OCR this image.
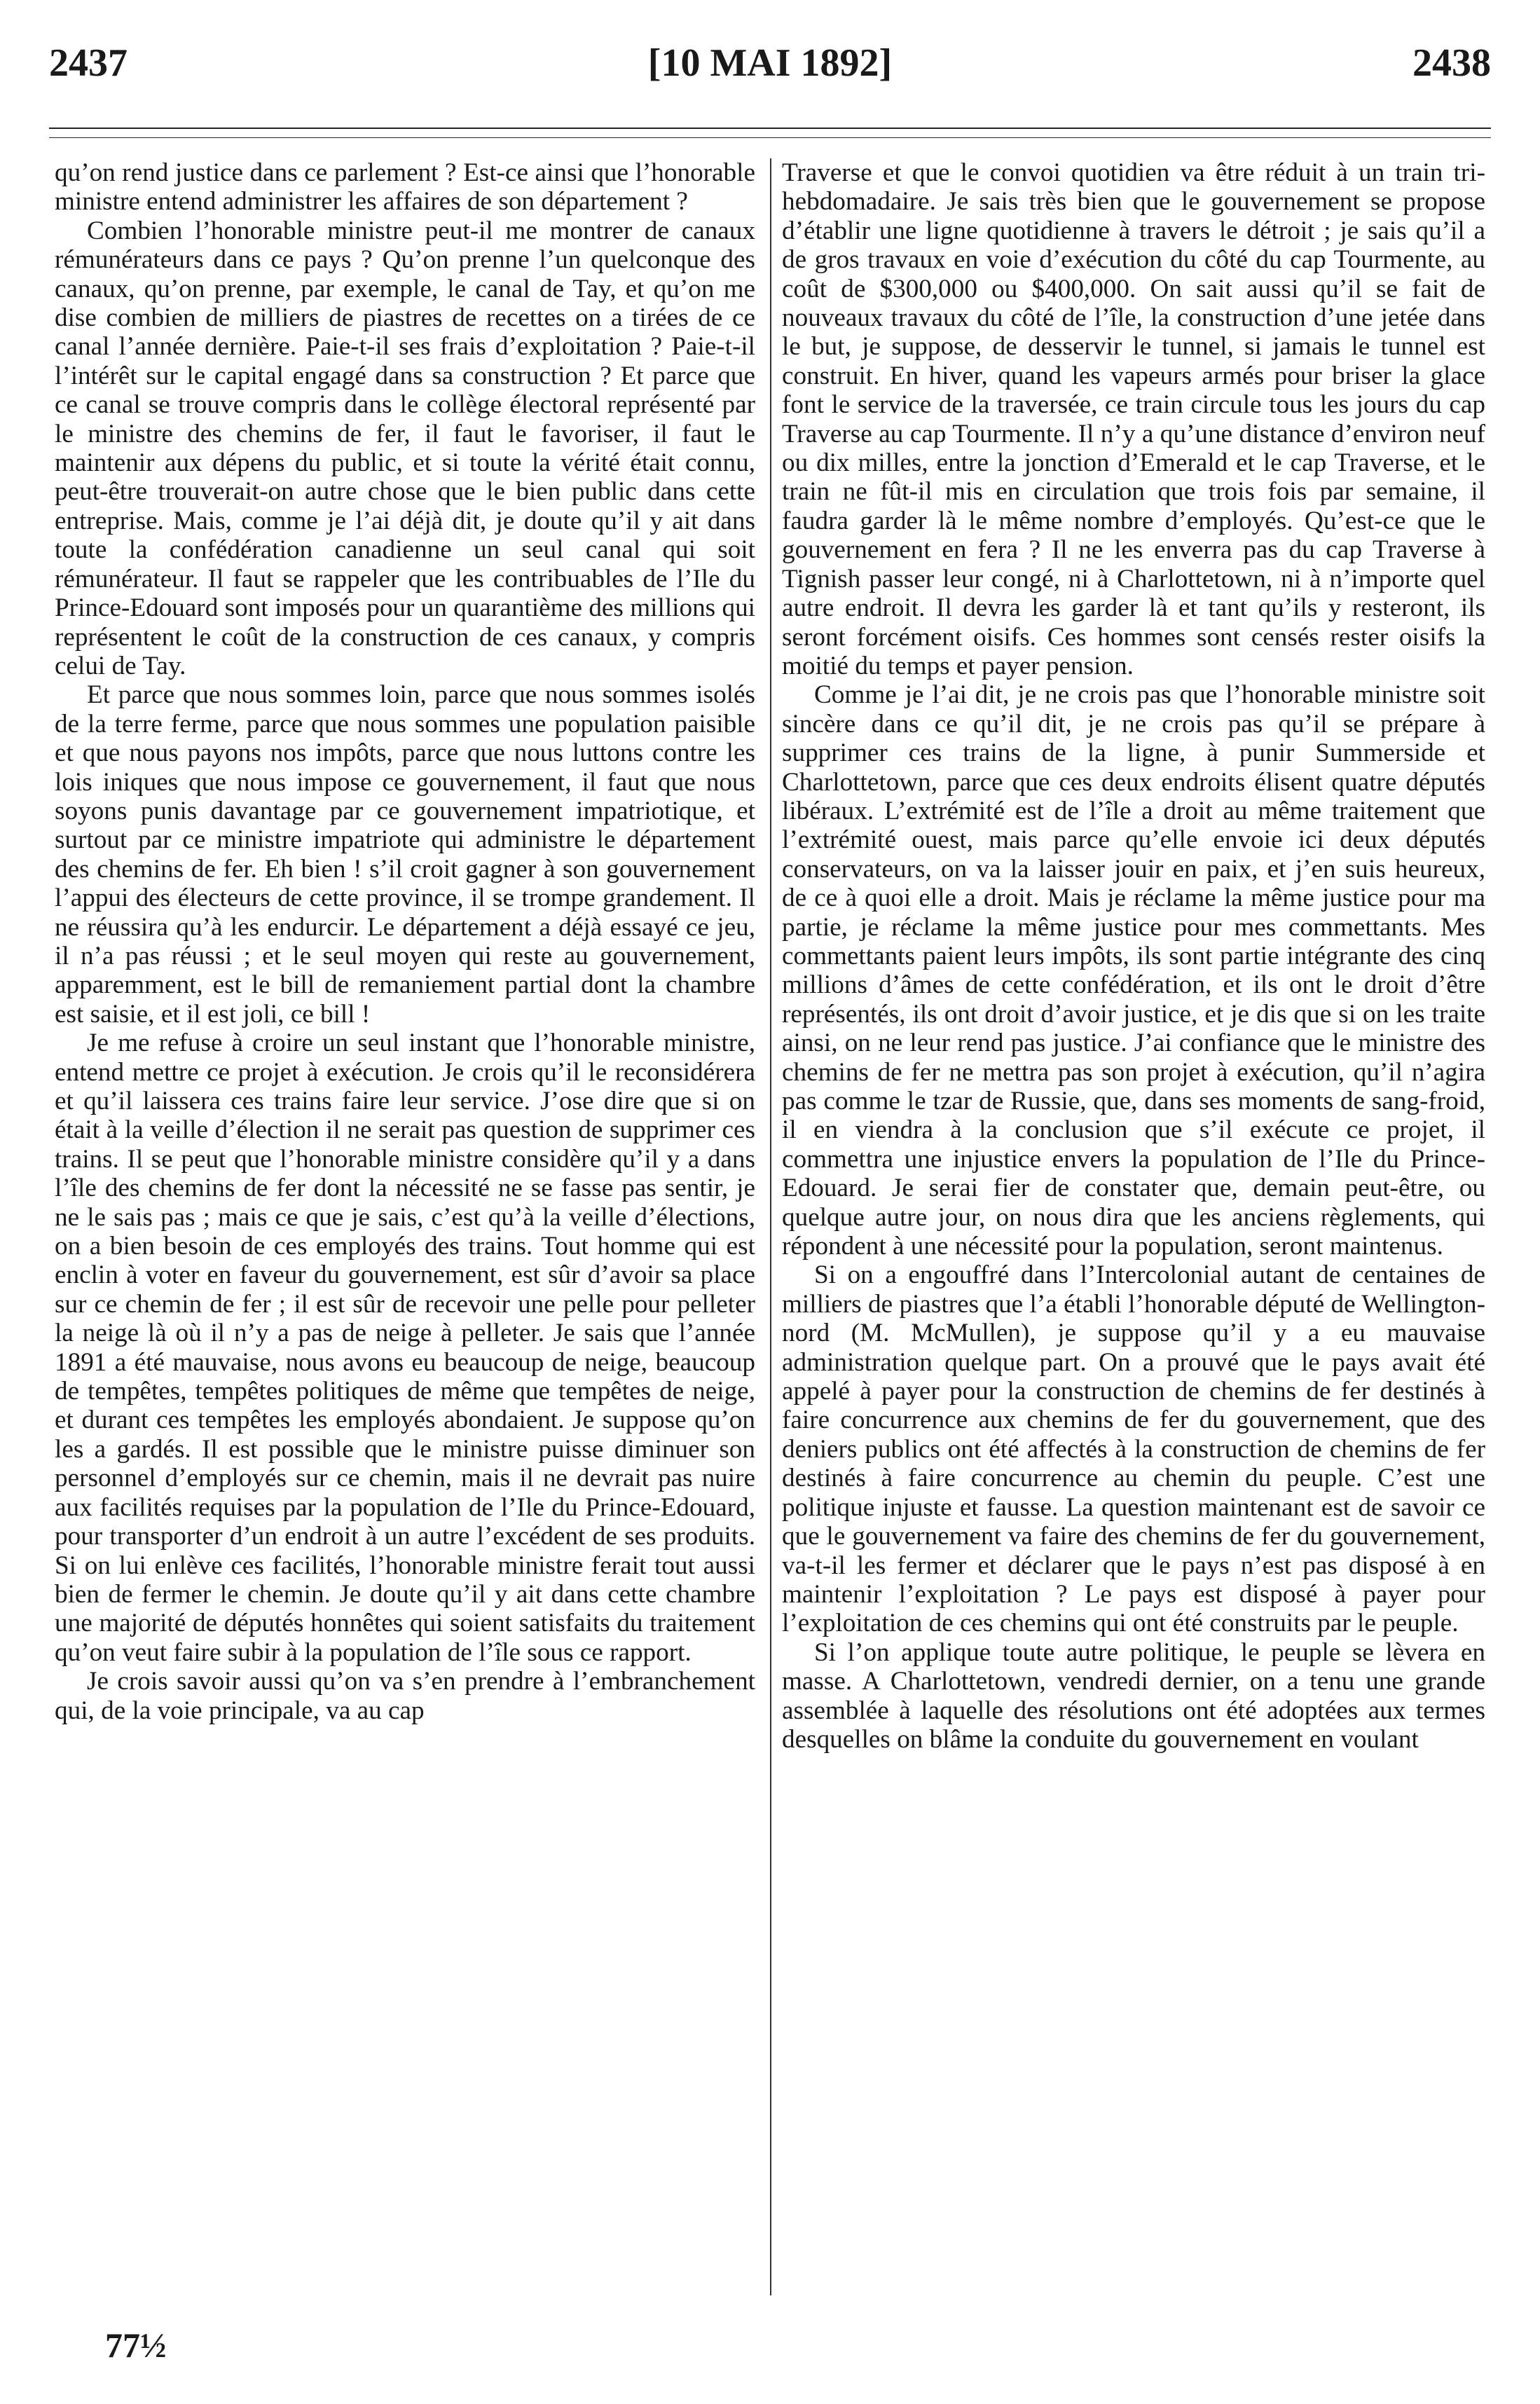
2437	[10 MAI 1892]	2438

qu’on rend justice dans ce parlement ? Est-ce ainsi que l’honorable ministre entend administrer les affaires de son département ?

Combien l’honorable ministre peut-il me montrer de canaux rémunérateurs dans ce pays ? Qu’on prenne l’un quelconque des canaux, qu’on prenne, par exemple, le canal de Tay, et qu’on me dise combien de milliers de piastres de recettes on a tirées de ce canal l’année dernière. Paie-t-il ses frais d’exploitation ? Paie-t-il l’intérêt sur le capital engagé dans sa construction ? Et parce que ce canal se trouve compris dans le collège électoral représenté par le ministre des chemins de fer, il faut le favoriser, il faut le maintenir aux dépens du public, et si toute la vérité était connu, peut-être trouverait-on autre chose que le bien public dans cette entreprise. Mais, comme je l’ai déjà dit, je doute qu’il y ait dans toute la confédération canadienne un seul canal qui soit rémunérateur. Il faut se rappeler que les contribuables de l’Ile du Prince-Edouard sont imposés pour un quarantième des millions qui représentent le coût de la construction de ces canaux, y compris celui de Tay.

Et parce que nous sommes loin, parce que nous sommes isolés de la terre ferme, parce que nous sommes une population paisible et que nous payons nos impôts, parce que nous luttons contre les lois iniques que nous impose ce gouvernement, il faut que nous soyons punis davantage par ce gouvernement impatriotique, et surtout par ce ministre impatriote qui administre le département des chemins de fer. Eh bien ! s’il croit gagner à son gouvernement l’appui des électeurs de cette province, il se trompe grandement. Il ne réussira qu’à les endurcir. Le département a déjà essayé ce jeu, il n’a pas réussi ; et le seul moyen qui reste au gouvernement, apparemment, est le bill de remaniement partial dont la chambre est saisie, et il est joli, ce bill !

Je me refuse à croire un seul instant que l’honorable ministre, entend mettre ce projet à exécution. Je crois qu’il le reconsidérera et qu’il laissera ces trains faire leur service. J’ose dire que si on était à la veille d’élection il ne serait pas question de supprimer ces trains. Il se peut que l’honorable ministre considère qu’il y a dans l’île des chemins de fer dont la nécessité ne se fasse pas sentir, je ne le sais pas ; mais ce que je sais, c’est qu’à la veille d’élections, on a bien besoin de ces employés des trains. Tout homme qui est enclin à voter en faveur du gouvernement, est sûr d’avoir sa place sur ce chemin de fer ; il est sûr de recevoir une pelle pour pelleter la neige là où il n’y a pas de neige à pelleter. Je sais que l’année 1891 a été mauvaise, nous avons eu beaucoup de neige, beaucoup de tempêtes, tempêtes politiques de même que tempêtes de neige, et durant ces tempêtes les employés abondaient. Je suppose qu’on les a gardés. Il est possible que le ministre puisse diminuer son personnel d’employés sur ce chemin, mais il ne devrait pas nuire aux facilités requises par la population de l’Ile du Prince-Edouard, pour transporter d’un endroit à un autre l’excédent de ses produits. Si on lui enlève ces facilités, l’honorable ministre ferait tout aussi bien de fermer le chemin. Je doute qu’il y ait dans cette chambre une majorité de députés honnêtes qui soient satisfaits du traitement qu’on veut faire subir à la population de l’île sous ce rapport.

Je crois savoir aussi qu’on va s’en prendre à l’embranchement qui, de la voie principale, va au cap

Traverse et que le convoi quotidien va être réduit à un train tri-hebdomadaire. Je sais très bien que le gouvernement se propose d’établir une ligne quotidienne à travers le détroit ; je sais qu’il a de gros travaux en voie d’exécution du côté du cap Tourmente, au coût de $300,000 ou $400,000. On sait aussi qu’il se fait de nouveaux travaux du côté de l’île, la construction d’une jetée dans le but, je suppose, de desservir le tunnel, si jamais le tunnel est construit. En hiver, quand les vapeurs armés pour briser la glace font le service de la traversée, ce train circule tous les jours du cap Traverse au cap Tourmente. Il n’y a qu’une distance d’environ neuf ou dix milles, entre la jonction d’Emerald et le cap Traverse, et le train ne fût-il mis en circulation que trois fois par semaine, il faudra garder là le même nombre d’employés. Qu’est-ce que le gouvernement en fera ? Il ne les enverra pas du cap Traverse à Tignish passer leur congé, ni à Charlottetown, ni à n’importe quel autre endroit. Il devra les garder là et tant qu’ils y resteront, ils seront forcément oisifs. Ces hommes sont censés rester oisifs la moitié du temps et payer pension.

Comme je l’ai dit, je ne crois pas que l’honorable ministre soit sincère dans ce qu’il dit, je ne crois pas qu’il se prépare à supprimer ces trains de la ligne, à punir Summerside et Charlottetown, parce que ces deux endroits élisent quatre députés libéraux. L’extrémité est de l’île a droit au même traitement que l’extrémité ouest, mais parce qu’elle envoie ici deux députés conservateurs, on va la laisser jouir en paix, et j’en suis heureux, de ce à quoi elle a droit. Mais je réclame la même justice pour ma partie, je réclame la même justice pour mes commettants. Mes commettants paient leurs impôts, ils sont partie intégrante des cinq millions d’âmes de cette confédération, et ils ont le droit d’être représentés, ils ont droit d’avoir justice, et je dis que si on les traite ainsi, on ne leur rend pas justice. J’ai confiance que le ministre des chemins de fer ne mettra pas son projet à exécution, qu’il n’agira pas comme le tzar de Russie, que, dans ses moments de sang-froid, il en viendra à la conclusion que s’il exécute ce projet, il commettra une injustice envers la population de l’Ile du Prince-Edouard. Je serai fier de constater que, demain peut-être, ou quelque autre jour, on nous dira que les anciens règlements, qui répondent à une nécessité pour la population, seront maintenus.

Si on a engouffré dans l’Intercolonial autant de centaines de milliers de piastres que l’a établi l’honorable député de Wellington-nord (M. McMullen), je suppose qu’il y a eu mauvaise administration quelque part. On a prouvé que le pays avait été appelé à payer pour la construction de chemins de fer destinés à faire concurrence aux chemins de fer du gouvernement, que des deniers publics ont été affectés à la construction de chemins de fer destinés à faire concurrence au chemin du peuple. C’est une politique injuste et fausse. La question maintenant est de savoir ce que le gouvernement va faire des chemins de fer du gouvernement, va-t-il les fermer et déclarer que le pays n’est pas disposé à en maintenir l’exploitation ? Le pays est disposé à payer pour l’exploitation de ces chemins qui ont été construits par le peuple.

Si l’on applique toute autre politique, le peuple se lèvera en masse. A Charlottetown, vendredi dernier, on a tenu une grande assemblée à laquelle des résolutions ont été adoptées aux termes desquelles on blâme la conduite du gouvernement en voulant

77½
